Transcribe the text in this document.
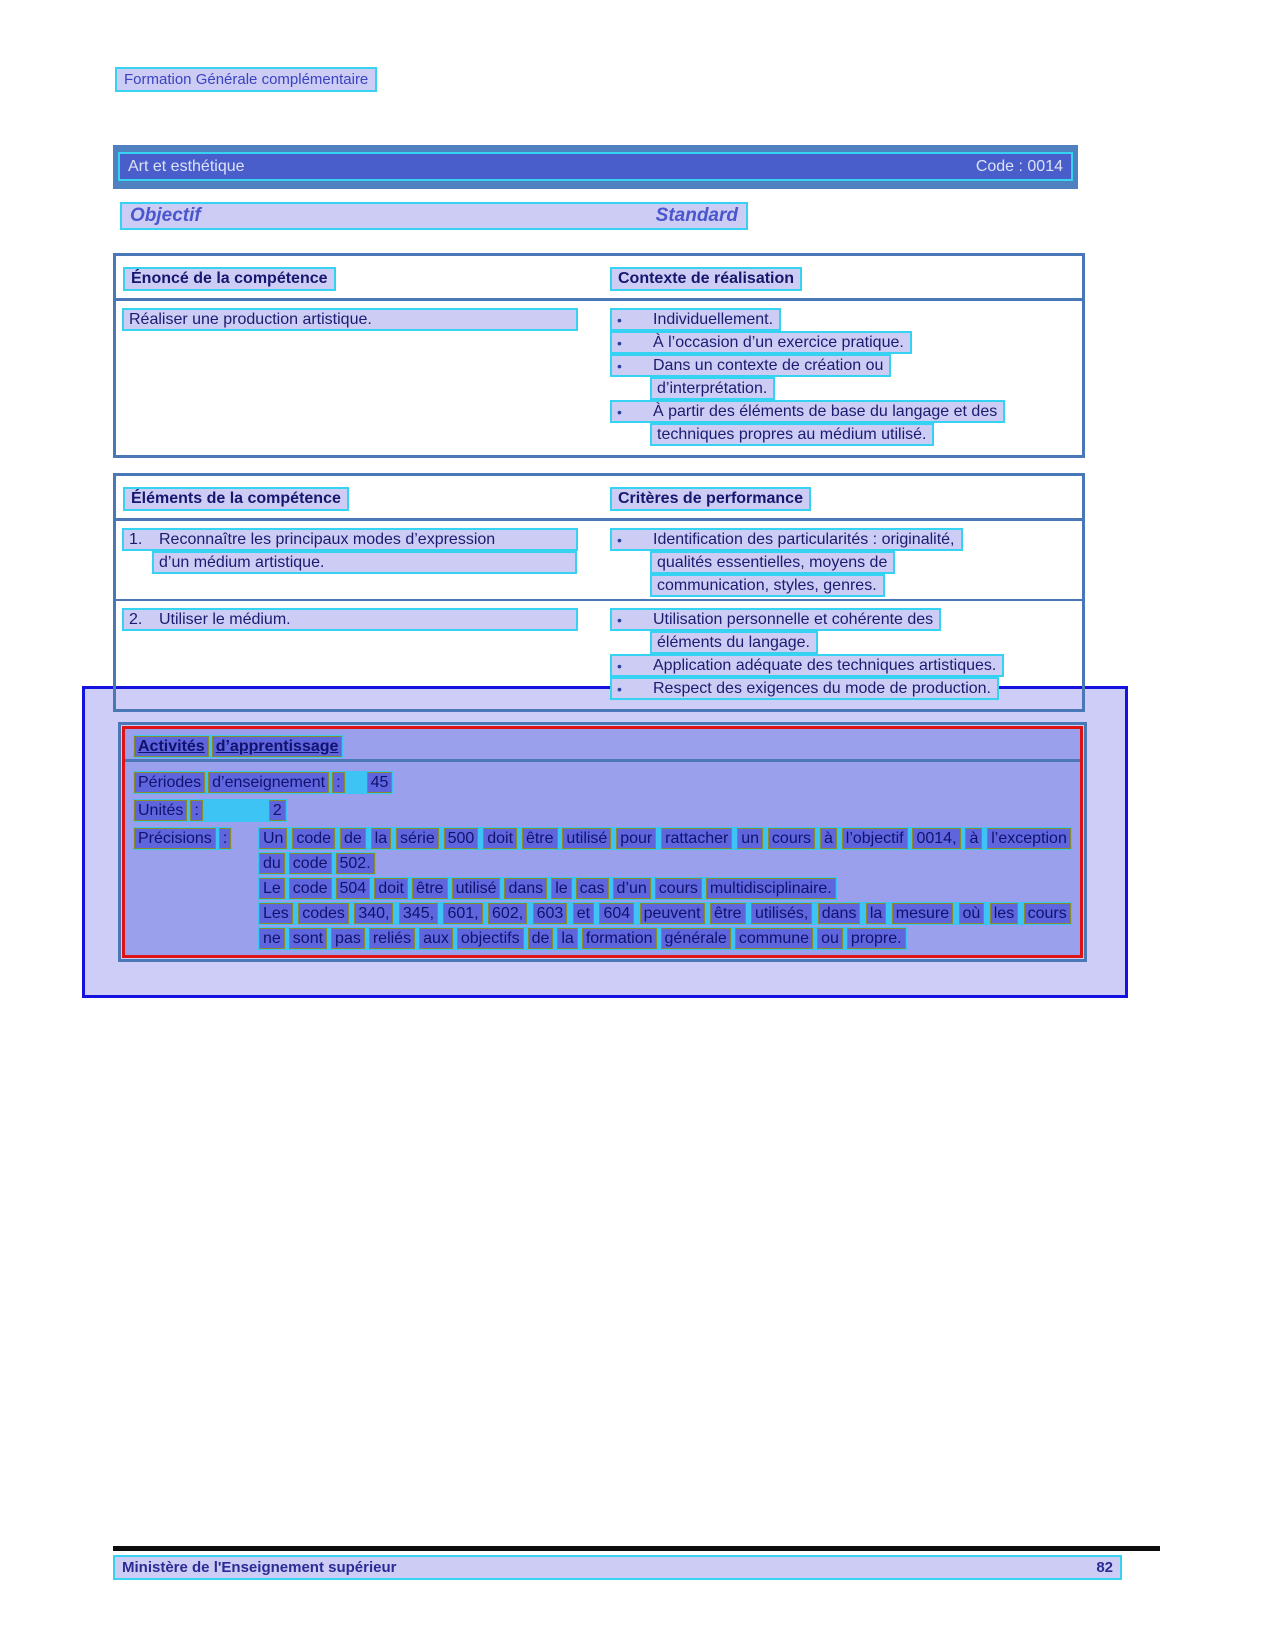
Formation Générale complémentaire
Art et esthétique	Code : 0014
Objectif	Standard
Énoncé de la compétence	Contexte de réalisation
Réaliser une production artistique.	•	Individuellement.
•	À l’occasion d’un exercice pratique.
•	Dans un contexte de création ou
d’interprétation.
•	À partir des éléments de base du langage et des
techniques propres au médium utilisé.
Éléments de la compétence	Critères de performance
1.	Reconnaître les principaux modes d’expression
d’un médium artistique.
•	Identification des particularités : originalité,
qualités essentielles, moyens de
communication, styles, genres.
2.	Utiliser le médium.	•	Utilisation personnelle et cohérente des
éléments du langage.
•	Application adéquate des techniques artistiques.
•	Respect des exigences du mode de production.
Activités d’apprentissage
Périodes d’enseignement : 45
Unités :	2
Précisions : Un code de la série 500 doit être utilisé pour rattacher un cours à l’objectif 0014, à l’exception
du code 502.
Le code 504 doit être utilisé dans le cas d’un cours multidisciplinaire.
Les codes 340, 345, 601, 602, 603 et 604 peuvent être utilisés, dans la mesure où les cours
ne sont pas reliés aux objectifs de la formation générale commune ou propre.
Ministère de l'Enseignement supérieur	82
